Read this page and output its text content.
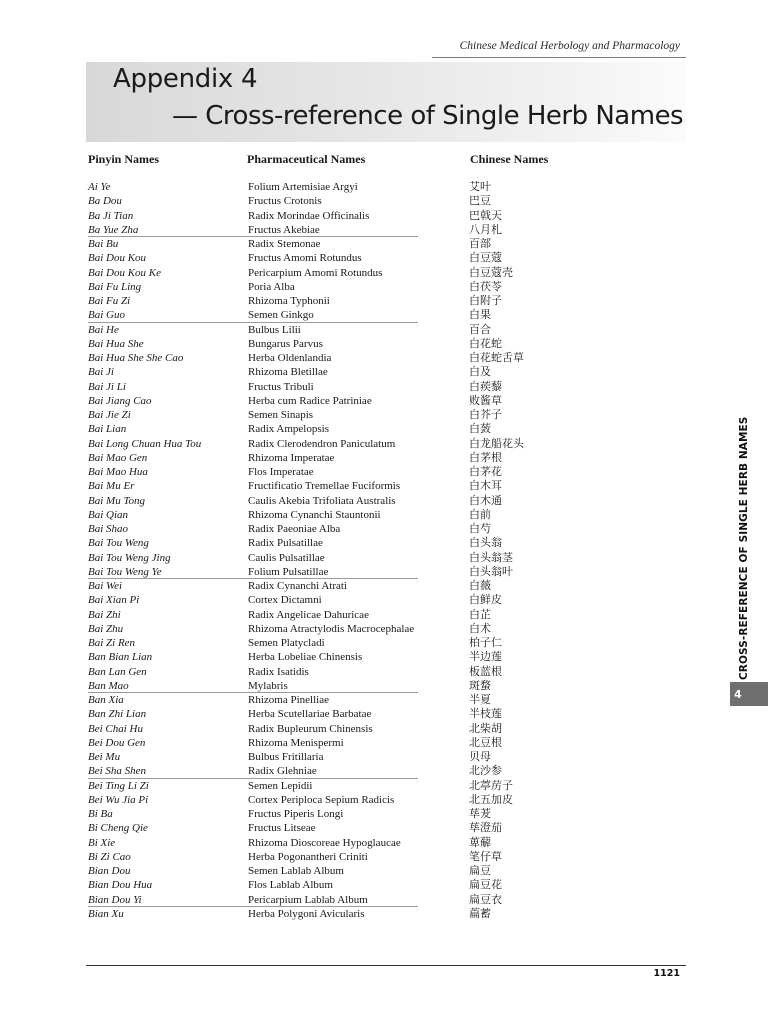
Chinese Medical Herbology and Pharmacology
Appendix 4
— Cross-reference of Single Herb Names
Pinyin Names	Pharmaceutical Names	Chinese Names
Ai Ye	Folium Artemisiae Argyi	艾叶
Ba Dou	Fructus Crotonis	巴豆
Ba Ji Tian	Radix Morindae Officinalis	巴戟天
Ba Yue Zha	Fructus Akebiae	八月札
Bai Bu	Radix Stemonae	百部
Bai Dou Kou	Fructus Amomi Rotundus	白豆蔻
Bai Dou Kou Ke	Pericarpium Amomi Rotundus	白豆蔻壳
Bai Fu Ling	Poria Alba	白茯苓
Bai Fu Zi	Rhizoma Typhonii	白附子
Bai Guo	Semen Ginkgo	白果
Bai He	Bulbus Lilii	百合
Bai Hua She	Bungarus Parvus	白花蛇
Bai Hua She She Cao	Herba Oldenlandia	白花蛇舌草
Bai Ji	Rhizoma Bletillae	白及
Bai Ji Li	Fructus Tribuli	白蒺藜
Bai Jiang Cao	Herba cum Radice Patriniae	败酱草
Bai Jie Zi	Semen Sinapis	白芥子
Bai Lian	Radix Ampelopsis	白蔹
Bai Long Chuan Hua Tou	Radix Clerodendron Paniculatum	白龙船花头
Bai Mao Gen	Rhizoma Imperatae	白茅根
Bai Mao Hua	Flos Imperatae	白茅花
Bai Mu Er	Fructificatio Tremellae Fuciformis	白木耳
Bai Mu Tong	Caulis Akebia Trifoliata Australis	白木通
Bai Qian	Rhizoma Cynanchi Stauntonii	白前
Bai Shao	Radix Paeoniae Alba	白芍
Bai Tou Weng	Radix Pulsatillae	白头翁
Bai Tou Weng Jing	Caulis Pulsatillae	白头翁茎
Bai Tou Weng Ye	Folium Pulsatillae	白头翁叶
Bai Wei	Radix Cynanchi Atrati	白薇
Bai Xian Pi	Cortex Dictamni	白鲜皮
Bai Zhi	Radix Angelicae Dahuricae	白芷
Bai Zhu	Rhizoma Atractylodis Macrocephalae	白术
Bai Zi Ren	Semen Platycladi	柏子仁
Ban Bian Lian	Herba Lobeliae Chinensis	半边莲
Ban Lan Gen	Radix Isatidis	板蓝根
Ban Mao	Mylabris	斑蝥
Ban Xia	Rhizoma Pinelliae	半夏
Ban Zhi Lian	Herba Scutellariae Barbatae	半枝莲
Bei Chai Hu	Radix Bupleurum Chinensis	北柴胡
Bei Dou Gen	Rhizoma Menispermi	北豆根
Bei Mu	Bulbus Fritillaria	贝母
Bei Sha Shen	Radix Glehniae	北沙参
Bei Ting Li Zi	Semen Lepidii	北葶苈子
Bei Wu Jia Pi	Cortex Periploca Sepium Radicis	北五加皮
Bi Ba	Fructus Piperis Longi	荜茇
Bi Cheng Qie	Fructus Litseae	荜澄茄
Bi Xie	Rhizoma Dioscoreae Hypoglaucae	萆薢
Bi Zi Cao	Herba Pogonantheri Criniti	笔仔草
Bian Dou	Semen Lablab Album	扁豆
Bian Dou Hua	Flos Lablab Album	扁豆花
Bian Dou Yi	Pericarpium Lablab Album	扁豆衣
Bian Xu	Herba Polygoni Avicularis	萹蓄
CROSS-REFERENCE OF SINGLE HERB NAMES
4
1121
